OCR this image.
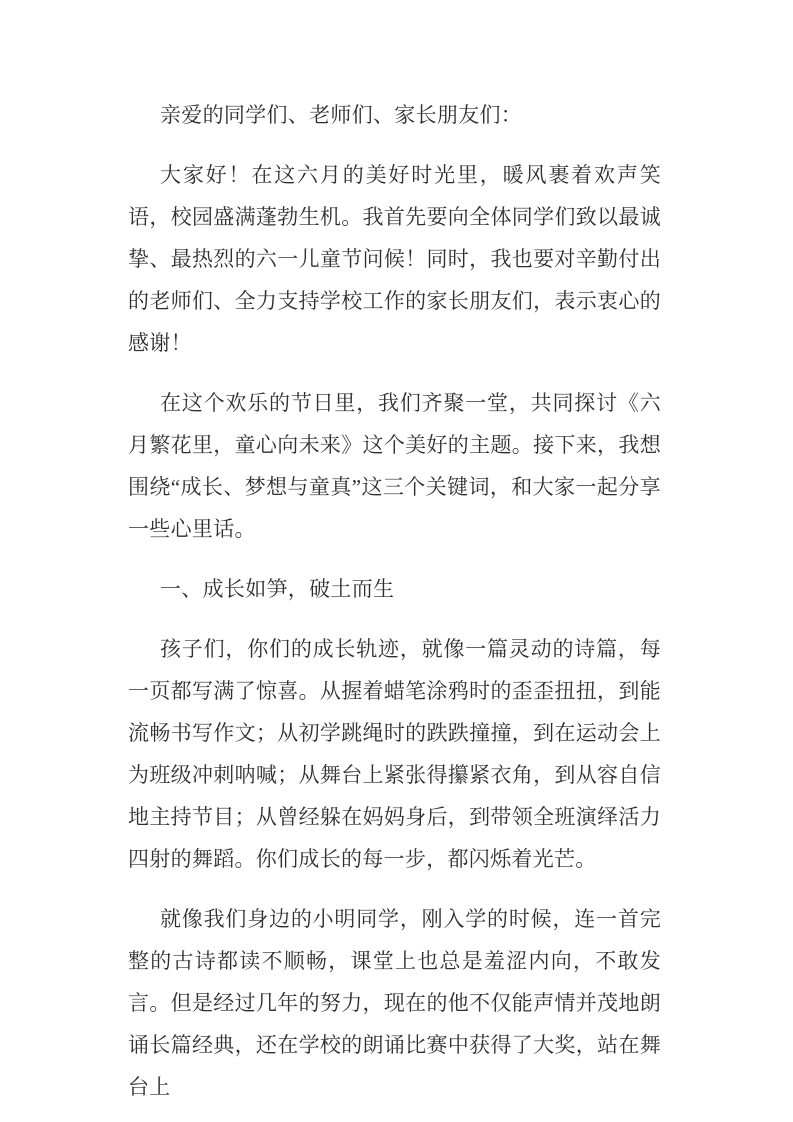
亲爱的同学们、老师们、家长朋友们：

大家好！在这六月的美好时光里，暖风裹着欢声笑语，校园盛满蓬勃生机。我首先要向全体同学们致以最诚挚、最热烈的六一儿童节问候！同时，我也要对辛勤付出的老师们、全力支持学校工作的家长朋友们，表示衷心的感谢！

在这个欢乐的节日里，我们齐聚一堂，共同探讨《六月繁花里，童心向未来》这个美好的主题。接下来，我想围绕“成长、梦想与童真”这三个关键词，和大家一起分享一些心里话。

一、成长如笋，破土而生

孩子们，你们的成长轨迹，就像一篇灵动的诗篇，每一页都写满了惊喜。从握着蜡笔涂鸦时的歪歪扭扭，到能流畅书写作文；从初学跳绳时的跌跌撞撞，到在运动会上为班级冲刺呐喊；从舞台上紧张得攥紧衣角，到从容自信地主持节目；从曾经躲在妈妈身后，到带领全班演绎活力四射的舞蹈。你们成长的每一步，都闪烁着光芒。

就像我们身边的小明同学，刚入学的时候，连一首完整的古诗都读不顺畅，课堂上也总是羞涩内向，不敢发言。但是经过几年的努力，现在的他不仅能声情并茂地朗诵长篇经典，还在学校的朗诵比赛中获得了大奖，站在舞台上
